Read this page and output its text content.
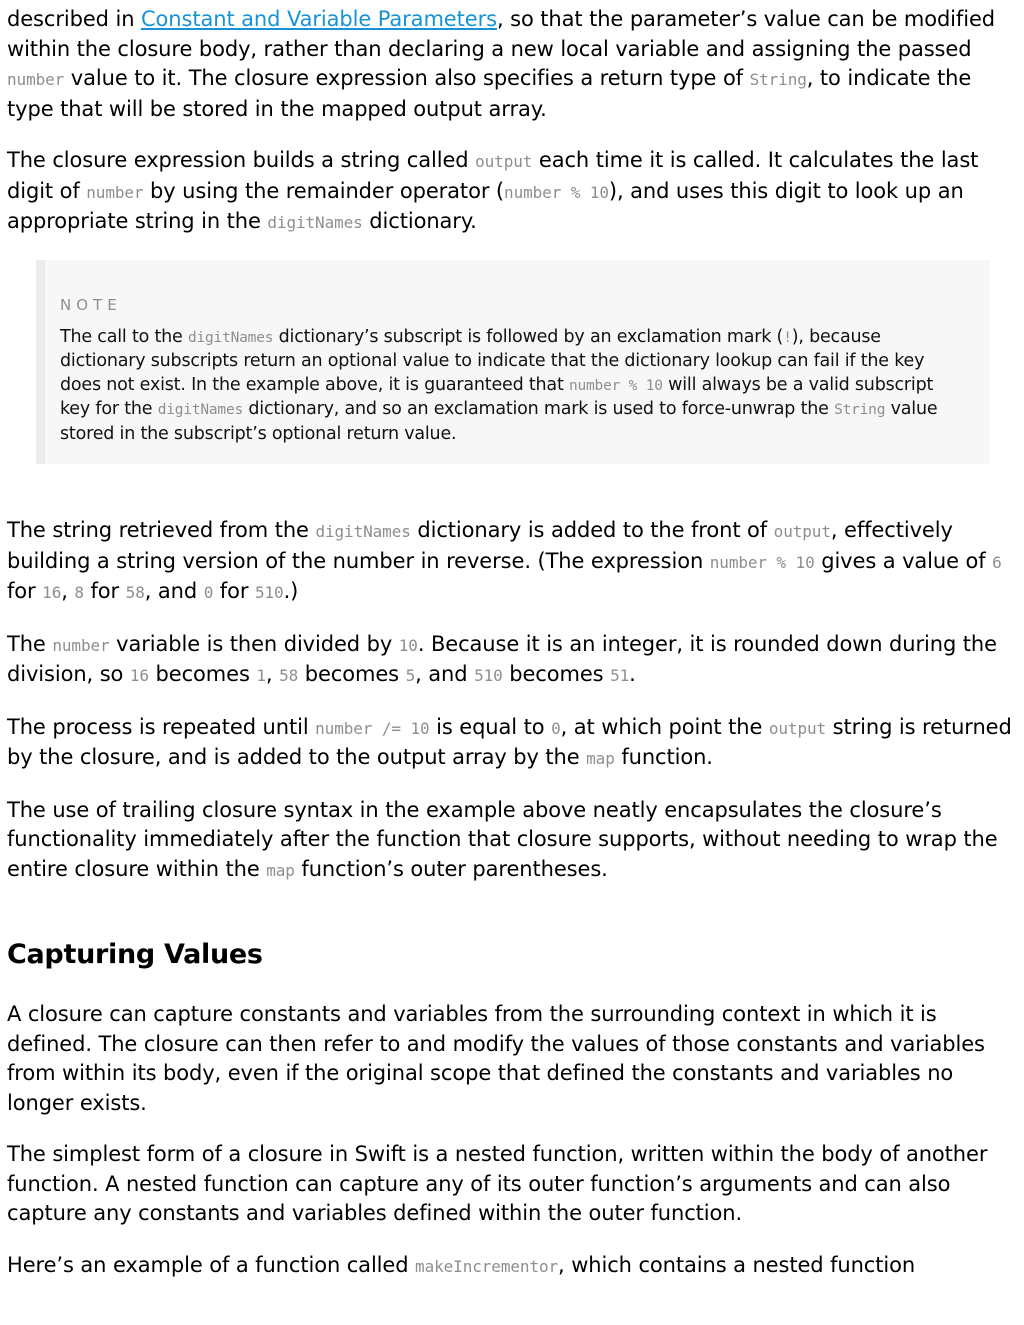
described in Constant and Variable Parameters, so that the parameter’s value can be modified within the closure body, rather than declaring a new local variable and assigning the passed number value to it. The closure expression also specifies a return type of String, to indicate the type that will be stored in the mapped output array.

The closure expression builds a string called output each time it is called. It calculates the last digit of number by using the remainder operator (number % 10), and uses this digit to look up an appropriate string in the digitNames dictionary.

NOTE

The call to the digitNames dictionary’s subscript is followed by an exclamation mark (!), because dictionary subscripts return an optional value to indicate that the dictionary lookup can fail if the key does not exist. In the example above, it is guaranteed that number % 10 will always be a valid subscript key for the digitNames dictionary, and so an exclamation mark is used to force-unwrap the String value stored in the subscript’s optional return value.

The string retrieved from the digitNames dictionary is added to the front of output, effectively building a string version of the number in reverse. (The expression number % 10 gives a value of 6 for 16, 8 for 58, and 0 for 510.)

The number variable is then divided by 10. Because it is an integer, it is rounded down during the division, so 16 becomes 1, 58 becomes 5, and 510 becomes 51.

The process is repeated until number /= 10 is equal to 0, at which point the output string is returned by the closure, and is added to the output array by the map function.

The use of trailing closure syntax in the example above neatly encapsulates the closure’s functionality immediately after the function that closure supports, without needing to wrap the entire closure within the map function’s outer parentheses.

Capturing Values

A closure can capture constants and variables from the surrounding context in which it is defined. The closure can then refer to and modify the values of those constants and variables from within its body, even if the original scope that defined the constants and variables no longer exists.

The simplest form of a closure in Swift is a nested function, written within the body of another function. A nested function can capture any of its outer function’s arguments and can also capture any constants and variables defined within the outer function.

Here’s an example of a function called makeIncrementor, which contains a nested function
